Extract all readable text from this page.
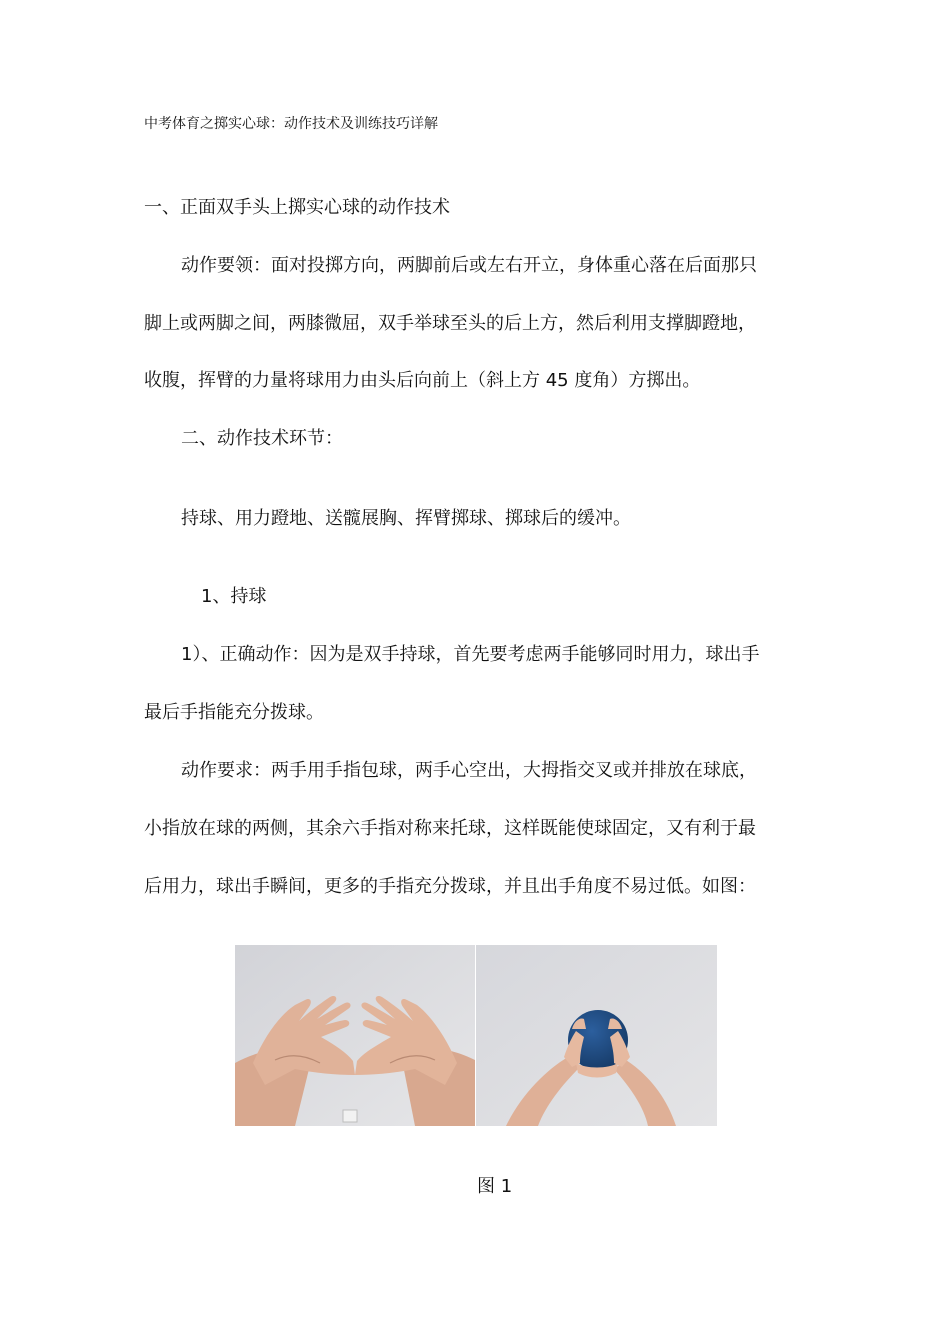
中考体育之掷实心球：动作技术及训练技巧详解
一、正面双手头上掷实心球的动作技术
动作要领：面对投掷方向，两脚前后或左右开立，身体重心落在后面那只
脚上或两脚之间，两膝微屈，双手举球至头的后上方，然后利用支撑脚蹬地，
收腹，挥臂的力量将球用力由头后向前上（斜上方 45 度角）方掷出。
二、动作技术环节：
持球、用力蹬地、送髋展胸、挥臂掷球、掷球后的缓冲。
1、持球
1）、正确动作：因为是双手持球，首先要考虑两手能够同时用力，球出手
最后手指能充分拨球。
动作要求：两手用手指包球，两手心空出，大拇指交叉或并排放在球底，
小指放在球的两侧，其余六手指对称来托球，这样既能使球固定，又有利于最
后用力，球出手瞬间，更多的手指充分拨球，并且出手角度不易过低。如图：
图 1
